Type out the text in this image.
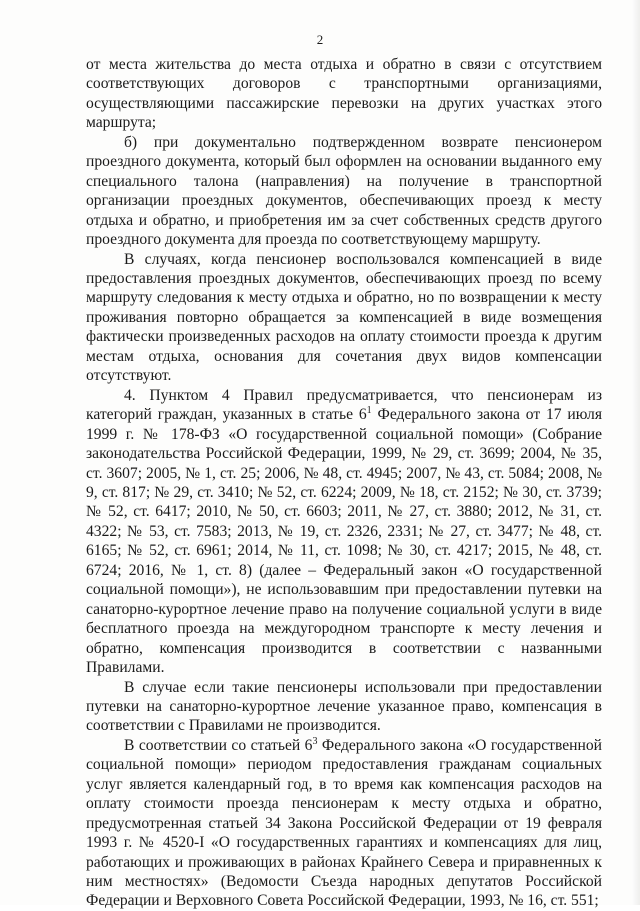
2

от места жительства до места отдыха и обратно в связи с отсутствием соответствующих договоров с транспортными организациями, осуществляющими пассажирские перевозки на других участках этого маршрута;

б) при документально подтвержденном возврате пенсионером проездного документа, который был оформлен на основании выданного ему специального талона (направления) на получение в транспортной организации проездных документов, обеспечивающих проезд к месту отдыха и обратно, и приобретения им за счет собственных средств другого проездного документа для проезда по соответствующему маршруту.

В случаях, когда пенсионер воспользовался компенсацией в виде предоставления проездных документов, обеспечивающих проезд по всему маршруту следования к месту отдыха и обратно, но по возвращении к месту проживания повторно обращается за компенсацией в виде возмещения фактически произведенных расходов на оплату стоимости проезда к другим местам отдыха, основания для сочетания двух видов компенсации отсутствуют.

4. Пунктом 4 Правил предусматривается, что пенсионерам из категорий граждан, указанных в статье $6^1$ Федерального закона от 17 июля 1999 г. № 178-ФЗ «О государственной социальной помощи» (Собрание законодательства Российской Федерации, 1999, № 29, ст. 3699; 2004, № 35, ст. 3607; 2005, № 1, ст. 25; 2006, № 48, ст. 4945; 2007, № 43, ст. 5084; 2008, № 9, ст. 817; № 29, ст. 3410; № 52, ст. 6224; 2009, № 18, ст. 2152; № 30, ст. 3739; № 52, ст. 6417; 2010, № 50, ст. 6603; 2011, № 27, ст. 3880; 2012, № 31, ст. 4322; № 53, ст. 7583; 2013, № 19, ст. 2326, 2331; № 27, ст. 3477; № 48, ст. 6165; № 52, ст. 6961; 2014, № 11, ст. 1098; № 30, ст. 4217; 2015, № 48, ст. 6724; 2016, № 1, ст. 8) (далее – Федеральный закон «О государственной социальной помощи»), не использовавшим при предоставлении путевки на санаторно-курортное лечение право на получение социальной услуги в виде бесплатного проезда на междугородном транспорте к месту лечения и обратно, компенсация производится в соответствии с названными Правилами.

В случае если такие пенсионеры использовали при предоставлении путевки на санаторно-курортное лечение указанное право, компенсация в соответствии с Правилами не производится.

В соответствии со статьей $6^3$ Федерального закона «О государственной социальной помощи» периодом предоставления гражданам социальных услуг является календарный год, в то время как компенсация расходов на оплату стоимости проезда пенсионерам к месту отдыха и обратно, предусмотренная статьей 34 Закона Российской Федерации от 19 февраля 1993 г. № 4520-I «О государственных гарантиях и компенсациях для лиц, работающих и проживающих в районах Крайнего Севера и приравненных к ним местностях» (Ведомости Съезда народных депутатов Российской Федерации и Верховного Совета Российской Федерации, 1993, № 16, ст. 551;
